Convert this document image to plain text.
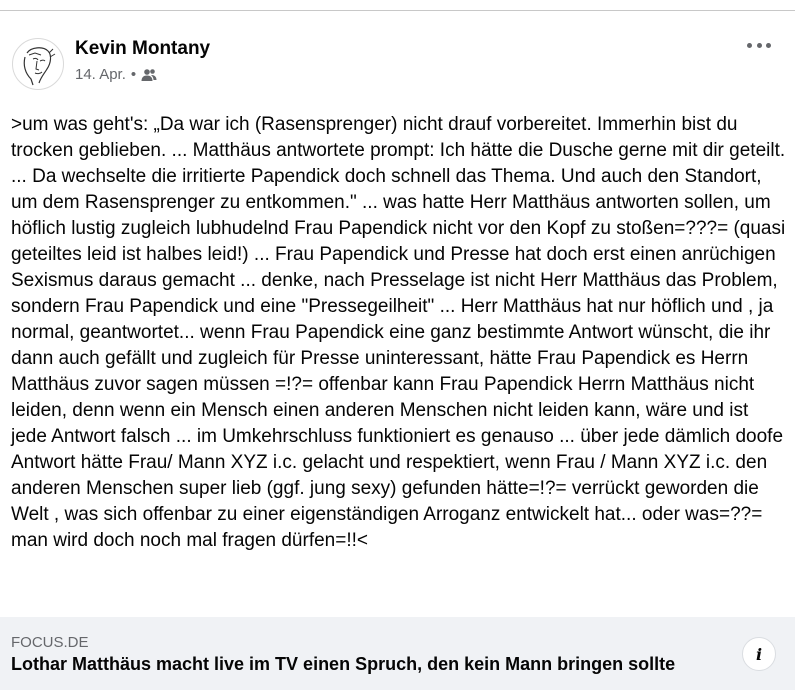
Kevin Montany
14. Apr. •
>um was geht's: „Da war ich (Rasensprenger) nicht drauf vorbereitet. Immerhin bist du trocken geblieben. ... Matthäus antwortete prompt: Ich hätte die Dusche gerne mit dir geteilt. ... Da wechselte die irritierte Papendick doch schnell das Thema. Und auch den Standort, um dem Rasensprenger zu entkommen." ... was hatte Herr Matthäus antworten sollen, um höflich lustig zugleich lubhudelnd Frau Papendick nicht vor den Kopf zu stoßen=???= (quasi geteiltes leid ist halbes leid!) ... Frau Papendick und Presse hat doch erst einen anrüchigen Sexismus daraus gemacht ... denke, nach Presselage ist nicht Herr Matthäus das Problem, sondern Frau Papendick und eine "Pressegeilheit" ... Herr Matthäus hat nur höflich und , ja normal, geantwortet... wenn Frau Papendick eine ganz bestimmte Antwort wünscht, die ihr dann auch gefällt und zugleich für Presse uninteressant, hätte Frau Papendick es Herrn Matthäus zuvor sagen müssen =!?= offenbar kann Frau Papendick Herrn Matthäus nicht leiden, denn wenn ein Mensch einen anderen Menschen nicht leiden kann, wäre und ist jede Antwort falsch ... im Umkehrschluss funktioniert es genauso ... über jede dämlich doofe Antwort hätte Frau/ Mann XYZ i.c. gelacht und respektiert, wenn Frau / Mann XYZ i.c. den anderen Menschen super lieb (ggf. jung sexy) gefunden hätte=!?= verrückt geworden die Welt , was sich offenbar zu einer eigenständigen Arroganz entwickelt hat... oder was=??= man wird doch noch mal fragen dürfen=!!<
FOCUS.DE
Lothar Matthäus macht live im TV einen Spruch, den kein Mann bringen sollte	i
